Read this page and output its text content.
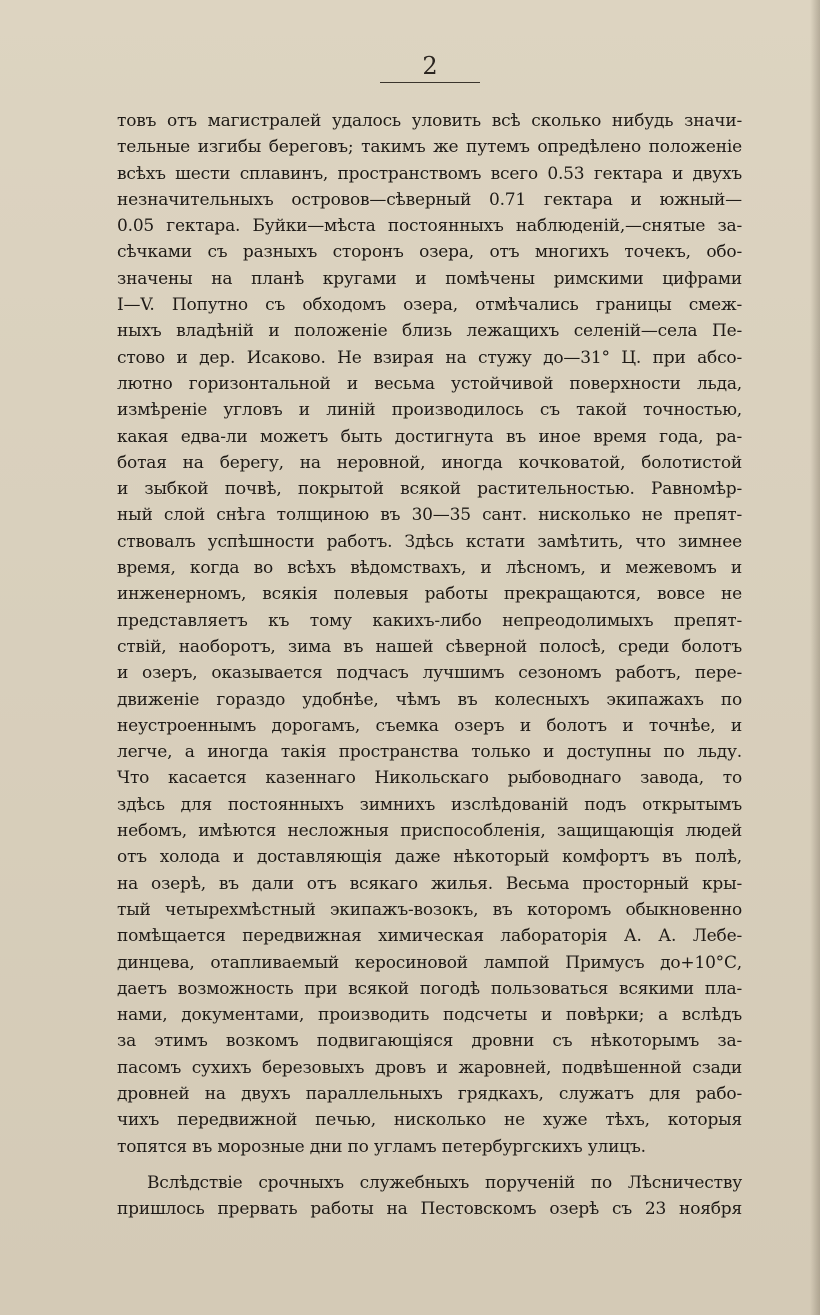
2
товъ отъ магистралей удалось уловить всѣ сколько нибудь значи-
тельные изгибы береговъ; такимъ же путемъ опредѣлено положеніе
всѣхъ шести сплавинъ, пространствомъ всего 0.53 гектара и двухъ
незначительныхъ островов—сѣверный 0.71 гектара и южный—
0.05 гектара. Буйки—мѣста постоянныхъ наблюденій,—снятые за-
сѣчками съ разныхъ сторонъ озера, отъ многихъ точекъ, обо-
значены на планѣ кругами и помѣчены римскими цифрами
I—V. Попутно съ обходомъ озера, отмѣчались границы смеж-
ныхъ владѣній и положеніе близь лежащихъ селеній—села Пе-
стово и дер. Исаково. Не взирая на стужу до—31° Ц. при абсо-
лютно горизонтальной и весьма устойчивой поверхности льда,
измѣреніе угловъ и линій производилось съ такой точностью,
какая едва-ли можетъ быть достигнута въ иное время года, ра-
ботая на берегу, на неровной, иногда кочковатой, болотистой
и зыбкой почвѣ, покрытой всякой растительностью. Равномѣр-
ный слой снѣга толщиною въ 30—35 сант. нисколько не препят-
ствовалъ успѣшности работъ. Здѣсь кстати замѣтить, что зимнее
время, когда во всѣхъ вѣдомствахъ, и лѣсномъ, и межевомъ и
инженерномъ, всякія полевыя работы прекращаются, вовсе не
представляетъ къ тому какихъ-либо непреодолимыхъ препят-
ствій, наоборотъ, зима въ нашей сѣверной полосѣ, среди болотъ
и озеръ, оказывается подчасъ лучшимъ сезономъ работъ, пере-
движеніе гораздо удобнѣе, чѣмъ въ колесныхъ экипажахъ по
неустроеннымъ дорогамъ, съемка озеръ и болотъ и точнѣе, и
легче, а иногда такія пространства только и доступны по льду.
Что касается казеннаго Никольскаго рыбоводнаго завода, то
здѣсь для постоянныхъ зимнихъ изслѣдованій подъ открытымъ
небомъ, имѣются несложныя приспособленія, защищающія людей
отъ холода и доставляющія даже нѣкоторый комфортъ въ полѣ,
на озерѣ, въ дали отъ всякаго жилья. Весьма просторный кры-
тый четырехмѣстный экипажъ-возокъ, въ которомъ обыкновенно
помѣщается передвижная химическая лабораторія А. А. Лебе-
динцева, отапливаемый керосиновой лампой Примусъ до+10°С,
даетъ возможность при всякой погодѣ пользоваться всякими пла-
нами, документами, производить подсчеты и повѣрки; а вслѣдъ
за этимъ возкомъ подвигающіяся дровни съ нѣкоторымъ за-
пасомъ сухихъ березовыхъ дровъ и жаровней, подвѣшенной сзади
дровней на двухъ параллельныхъ грядкахъ, служатъ для рабо-
чихъ передвижной печью, нисколько не хуже тѣхъ, которыя
топятся въ морозные дни по угламъ петербургскихъ улицъ.
Вслѣдствіе срочныхъ служебныхъ порученій по Лѣсничеству
пришлось прервать работы на Пестовскомъ озерѣ съ 23 ноября
